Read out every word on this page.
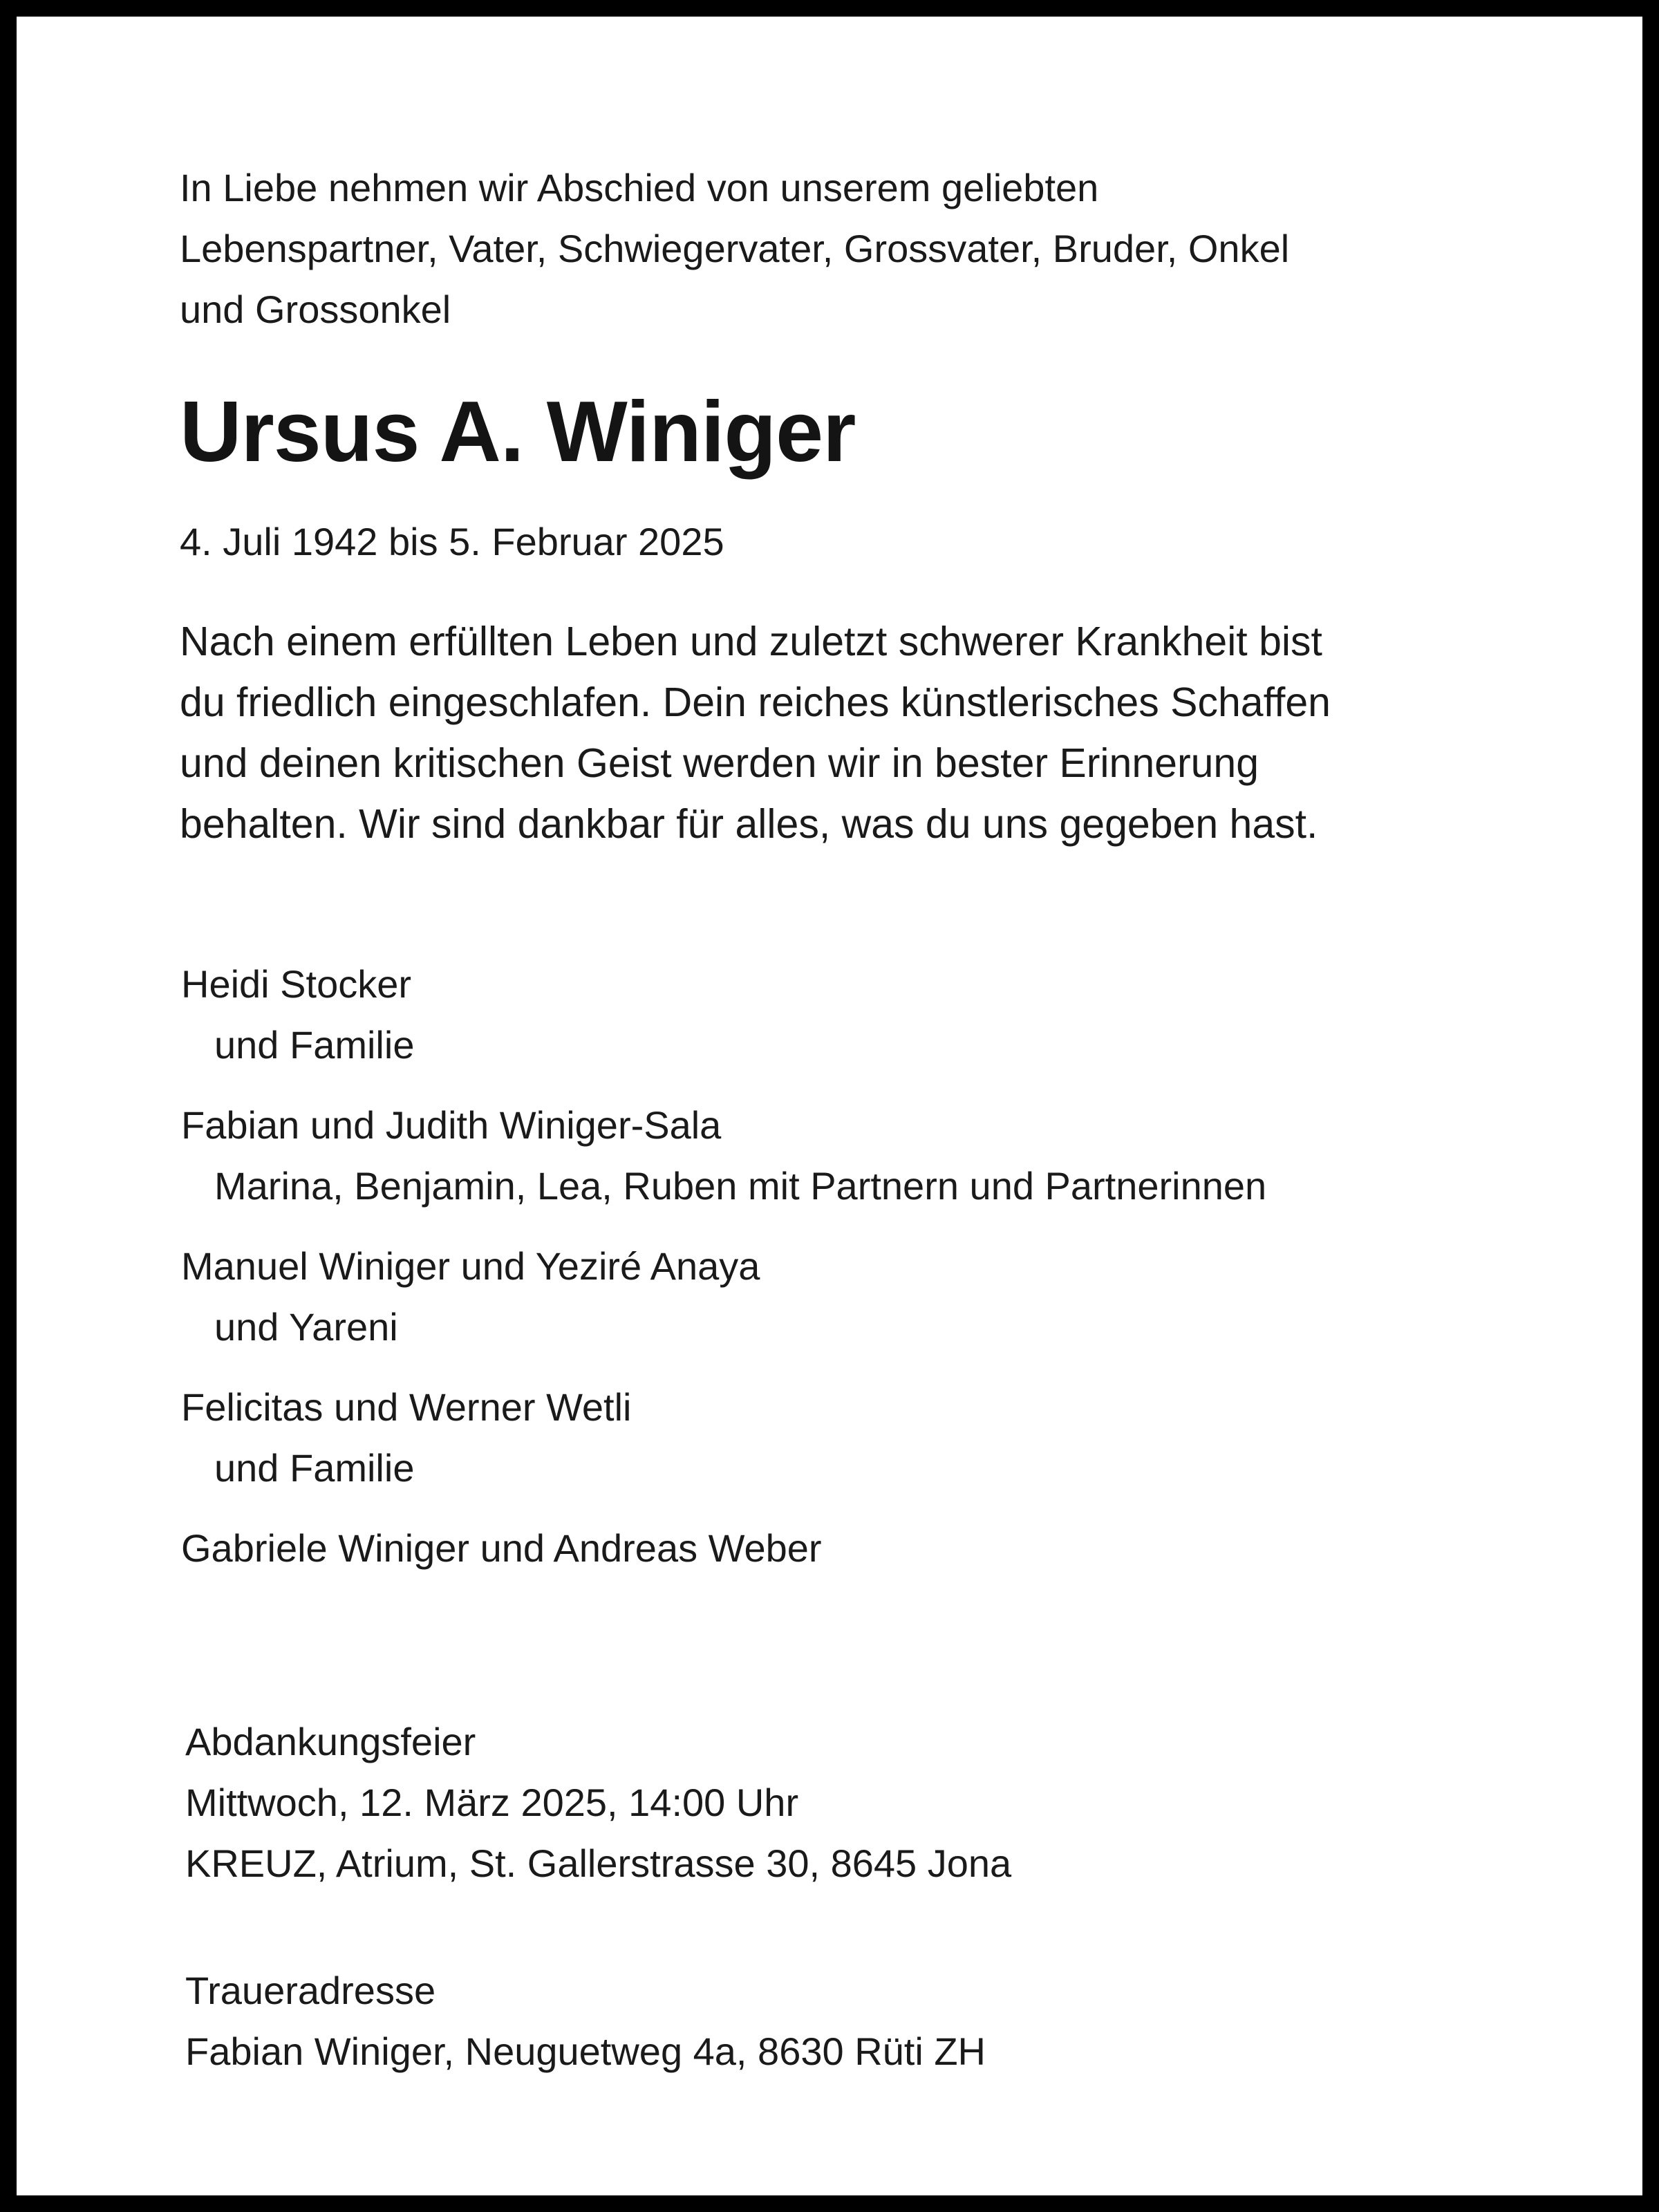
In Liebe nehmen wir Abschied von unserem geliebten
Lebenspartner, Vater, Schwiegervater, Grossvater, Bruder, Onkel
und Grossonkel

Ursus A. Winiger

4. Juli 1942 bis 5. Februar 2025

Nach einem erfüllten Leben und zuletzt schwerer Krankheit bist
du friedlich eingeschlafen. Dein reiches künstlerisches Schaffen
und deinen kritischen Geist werden wir in bester Erinnerung
behalten. Wir sind dankbar für alles, was du uns gegeben hast.

Heidi Stocker
und Familie
Fabian und Judith Winiger-Sala
Marina, Benjamin, Lea, Ruben mit Partnern und Partnerinnen
Manuel Winiger und Yeziré Anaya
und Yareni
Felicitas und Werner Wetli
und Familie
Gabriele Winiger und Andreas Weber
Abdankungsfeier
Mittwoch, 12. März 2025, 14:00 Uhr
KREUZ, Atrium, St. Gallerstrasse 30, 8645 Jona
Traueradresse
Fabian Winiger, Neuguetweg 4a, 8630 Rüti ZH
